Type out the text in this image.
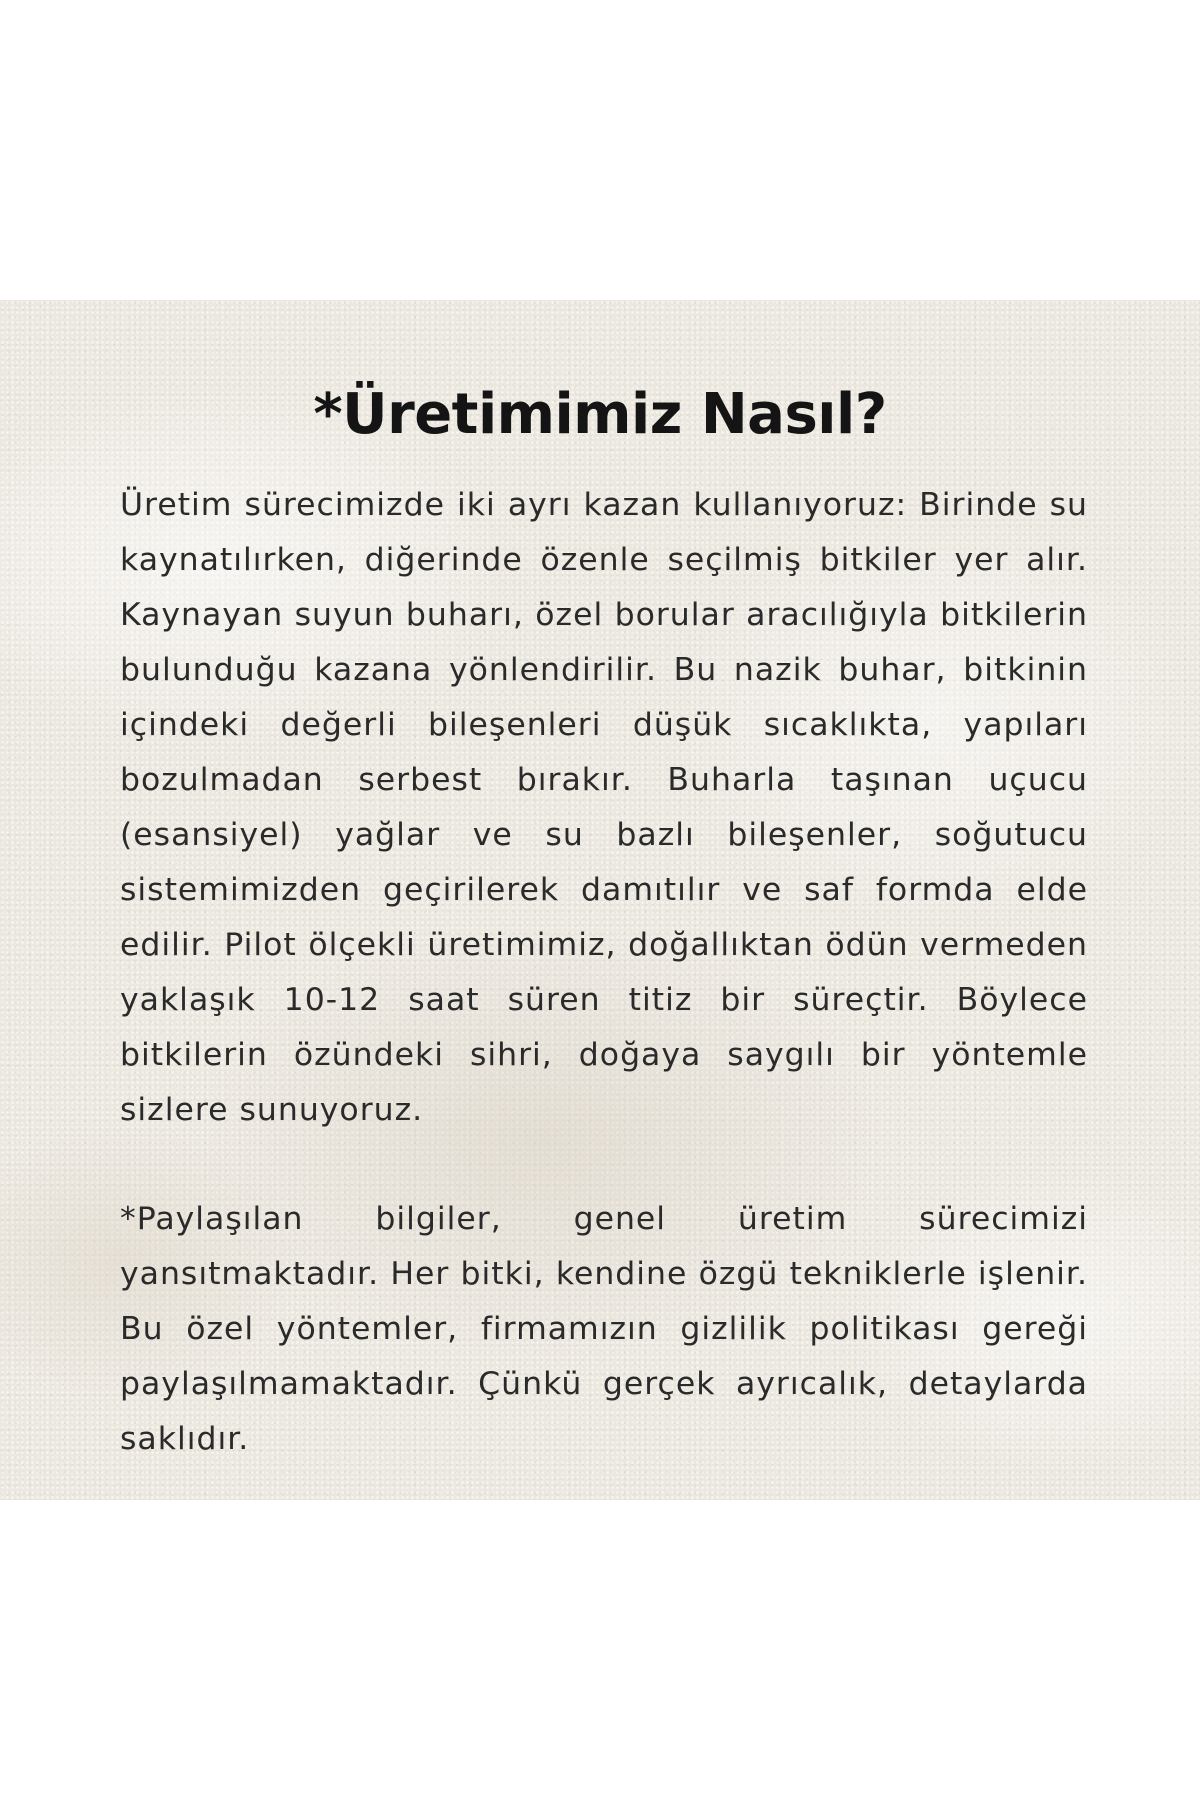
*Üretimimiz Nasıl?

Üretim sürecimizde iki ayrı kazan kullanıyoruz: Birinde su kaynatılırken, diğerinde özenle seçilmiş bitkiler yer alır. Kaynayan suyun buharı, özel borular aracılığıyla bitkilerin bulunduğu kazana yönlendirilir. Bu nazik buhar, bitkinin içindeki değerli bileşenleri düşük sıcaklıkta, yapıları bozulmadan serbest bırakır. Buharla taşınan uçucu (esansiyel) yağlar ve su bazlı bileşenler, soğutucu sistemimizden geçirilerek damıtılır ve saf formda elde edilir. Pilot ölçekli üretimimiz, doğallıktan ödün vermeden yaklaşık 10-12 saat süren titiz bir süreçtir. Böylece bitkilerin özündeki sihri, doğaya saygılı bir yöntemle sizlere sunuyoruz.

*Paylaşılan bilgiler, genel üretim sürecimizi yansıtmaktadır. Her bitki, kendine özgü tekniklerle işlenir. Bu özel yöntemler, firmamızın gizlilik politikası gereği paylaşılmamaktadır. Çünkü gerçek ayrıcalık, detaylarda saklıdır.
